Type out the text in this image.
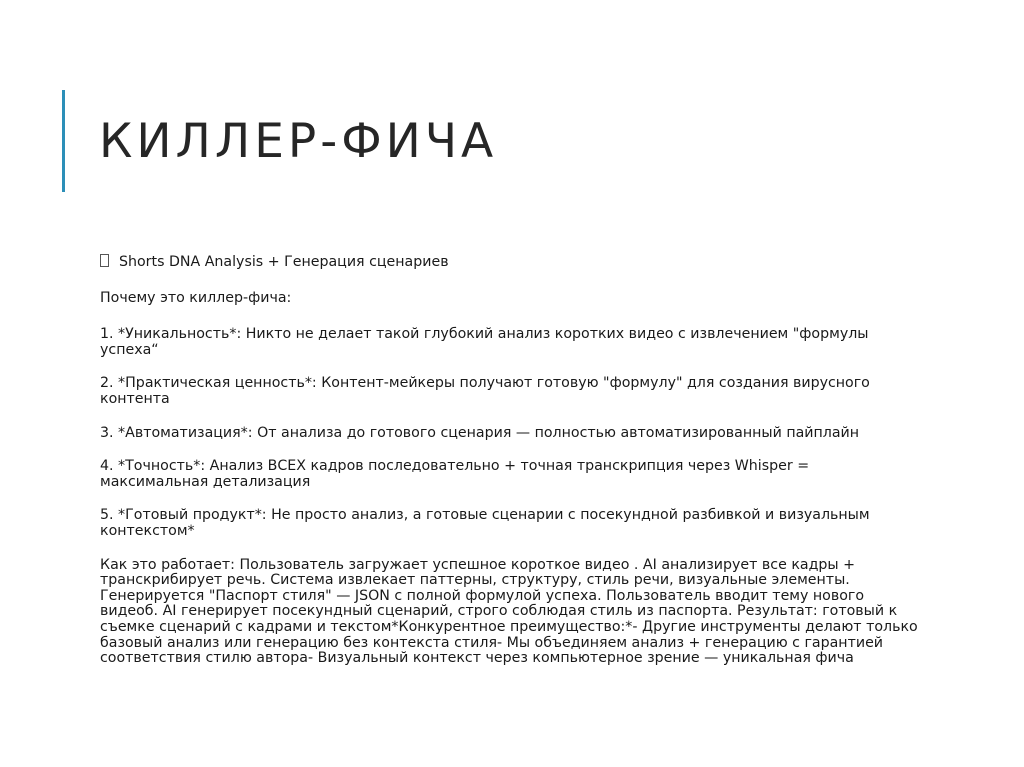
КИЛЛЕР-ФИЧА

Shorts DNA Analysis + Генерация сценариев

Почему это киллер-фича:

1. *Уникальность*: Никто не делает такой глубокий анализ коротких видео с извлечением "формулы успеха“

2. *Практическая ценность*: Контент-мейкеры получают готовую "формулу" для создания вирусного контента

3. *Автоматизация*: От анализа до готового сценария — полностью автоматизированный пайплайн

4. *Точность*: Анализ ВСЕХ кадров последовательно + точная транскрипция через Whisper = максимальная детализация

5. *Готовый продукт*: Не просто анализ, а готовые сценарии с посекундной разбивкой и визуальным контекстом*

Как это работает: Пользователь загружает успешное короткое видео . AI анализирует все кадры + транскрибирует речь. Система извлекает паттерны, структуру, стиль речи, визуальные элементы. Генерируется "Паспорт стиля" — JSON с полной формулой успеха. Пользователь вводит тему нового видеоб. AI генерирует посекундный сценарий, строго соблюдая стиль из паспорта. Результат: готовый к съемке сценарий с кадрами и текстом*Конкурентное преимущество:*- Другие инструменты делают только базовый анализ или генерацию без контекста стиля- Мы объединяем анализ + генерацию с гарантией соответствия стилю автора- Визуальный контекст через компьютерное зрение — уникальная фича
